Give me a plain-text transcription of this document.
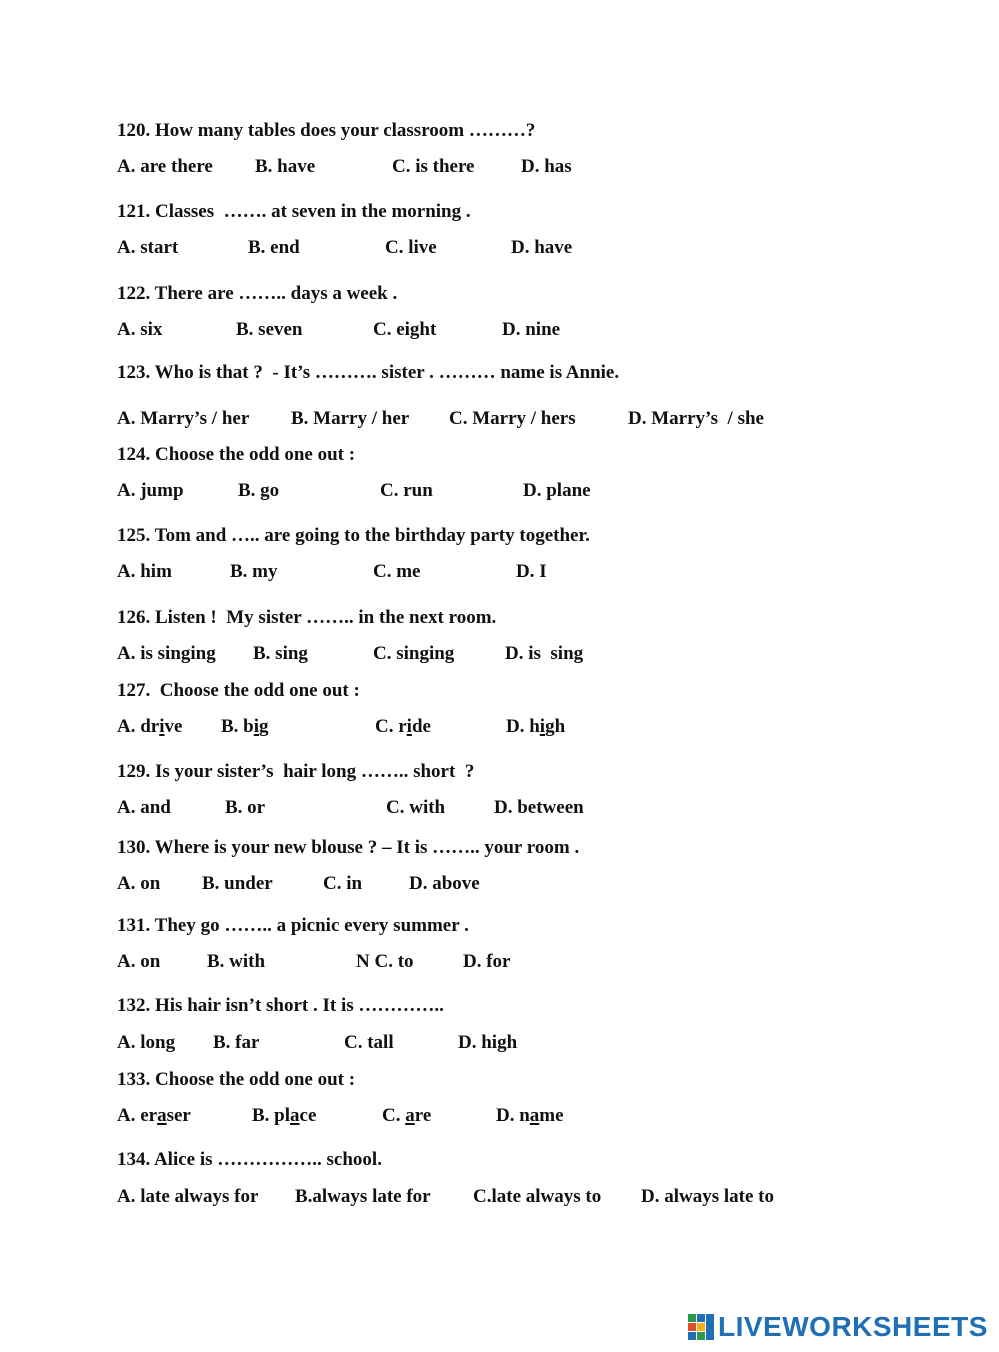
120. How many tables does your classroom ………?

A. are there

B. have

	C. is there

D. has

121. Classes  ……. at seven in the morning .

A. start

	B. end

	C. live

	D. have

122. There are …….. days a week .

A. six

	B. seven

	C. eight

	D. nine

123. Who is that ?  - It’s ………. sister . ……… name is Annie.

A. Marry’s / her

B. Marry / her

C. Marry / hers

	D. Marry’s  / she

124. Choose the odd one out :

A. jump

	B. go

	C. run

	D. plane

125. Tom and ….. are going to the birthday party together.

A. him

	B. my

	C. me

	D. I

126. Listen !  My sister …….. in the next room.

A. is singing

B. sing

	C. singing

	D. is  sing

127.  Choose the odd one out :

A. drive

B. big

	C. ride

	D. high

129. Is your sister’s  hair long …….. short  ?

A. and

	B. or

	C. with

	D. between

130. Where is your new blouse ? – It is …….. your room .

A. on

B. under

	C. in

D. above

131. They go …….. a picnic every summer .

A. on

B. with

	N C. to

	D. for

132. His hair isn’t short . It is …………..

A. long

B. far

	C. tall

	D. high

133. Choose the odd one out :

A. eraser

	B. place

	C. are

	D. name

134. Alice is …………….. school.

A. late always for

B.always late for

C.late always to

D. always late to

LIVEWORKSHEETS
